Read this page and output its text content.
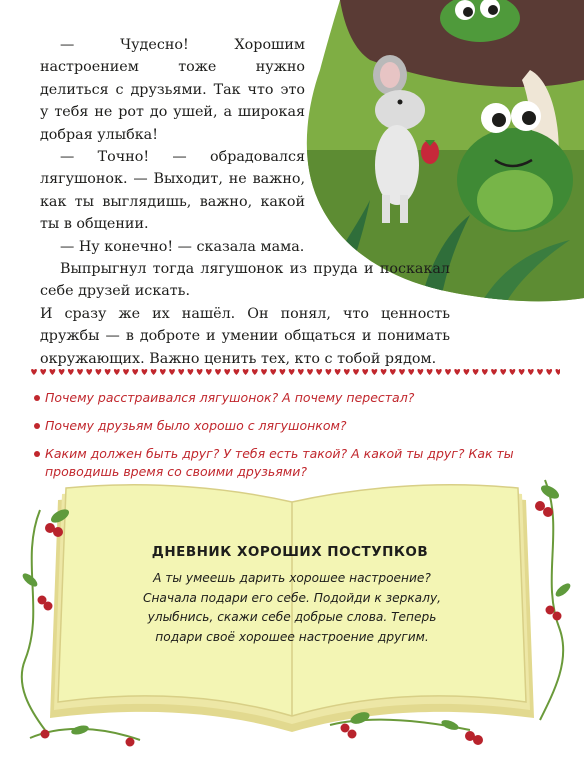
— Чудесно! Хорошим настроением тоже нужно делиться с друзьями. Так что это у тебя не рот до ушей, а широкая добрая улыбка!

— Точно! — обрадовался лягушонок. — Выходит, не важно, как ты выглядишь, важно, какой ты в общении.

— Ну конечно! — сказала мама.

Выпрыгнул тогда лягушонок из пруда и поскакал себе друзей искать.

И сразу же их нашёл. Он понял, что ценность дружбы — в доброте и умении общаться и понимать окружающих. Важно ценить тех, кто с тобой рядом.

Почему расстраивался лягушонок? А почему перестал?
Почему друзьям было хорошо с лягушонком?
Каким должен быть друг? У тебя есть такой? А какой ты друг? Как ты проводишь время со своими друзьями?
ДНЕВНИК ХОРОШИХ ПОСТУПКОВ
А ты умеешь дарить хорошее настроение? Сначала подари его себе. Подойди к зеркалу, улыбнись, скажи себе добрые слова. Теперь подари своё хорошее настроение другим.
